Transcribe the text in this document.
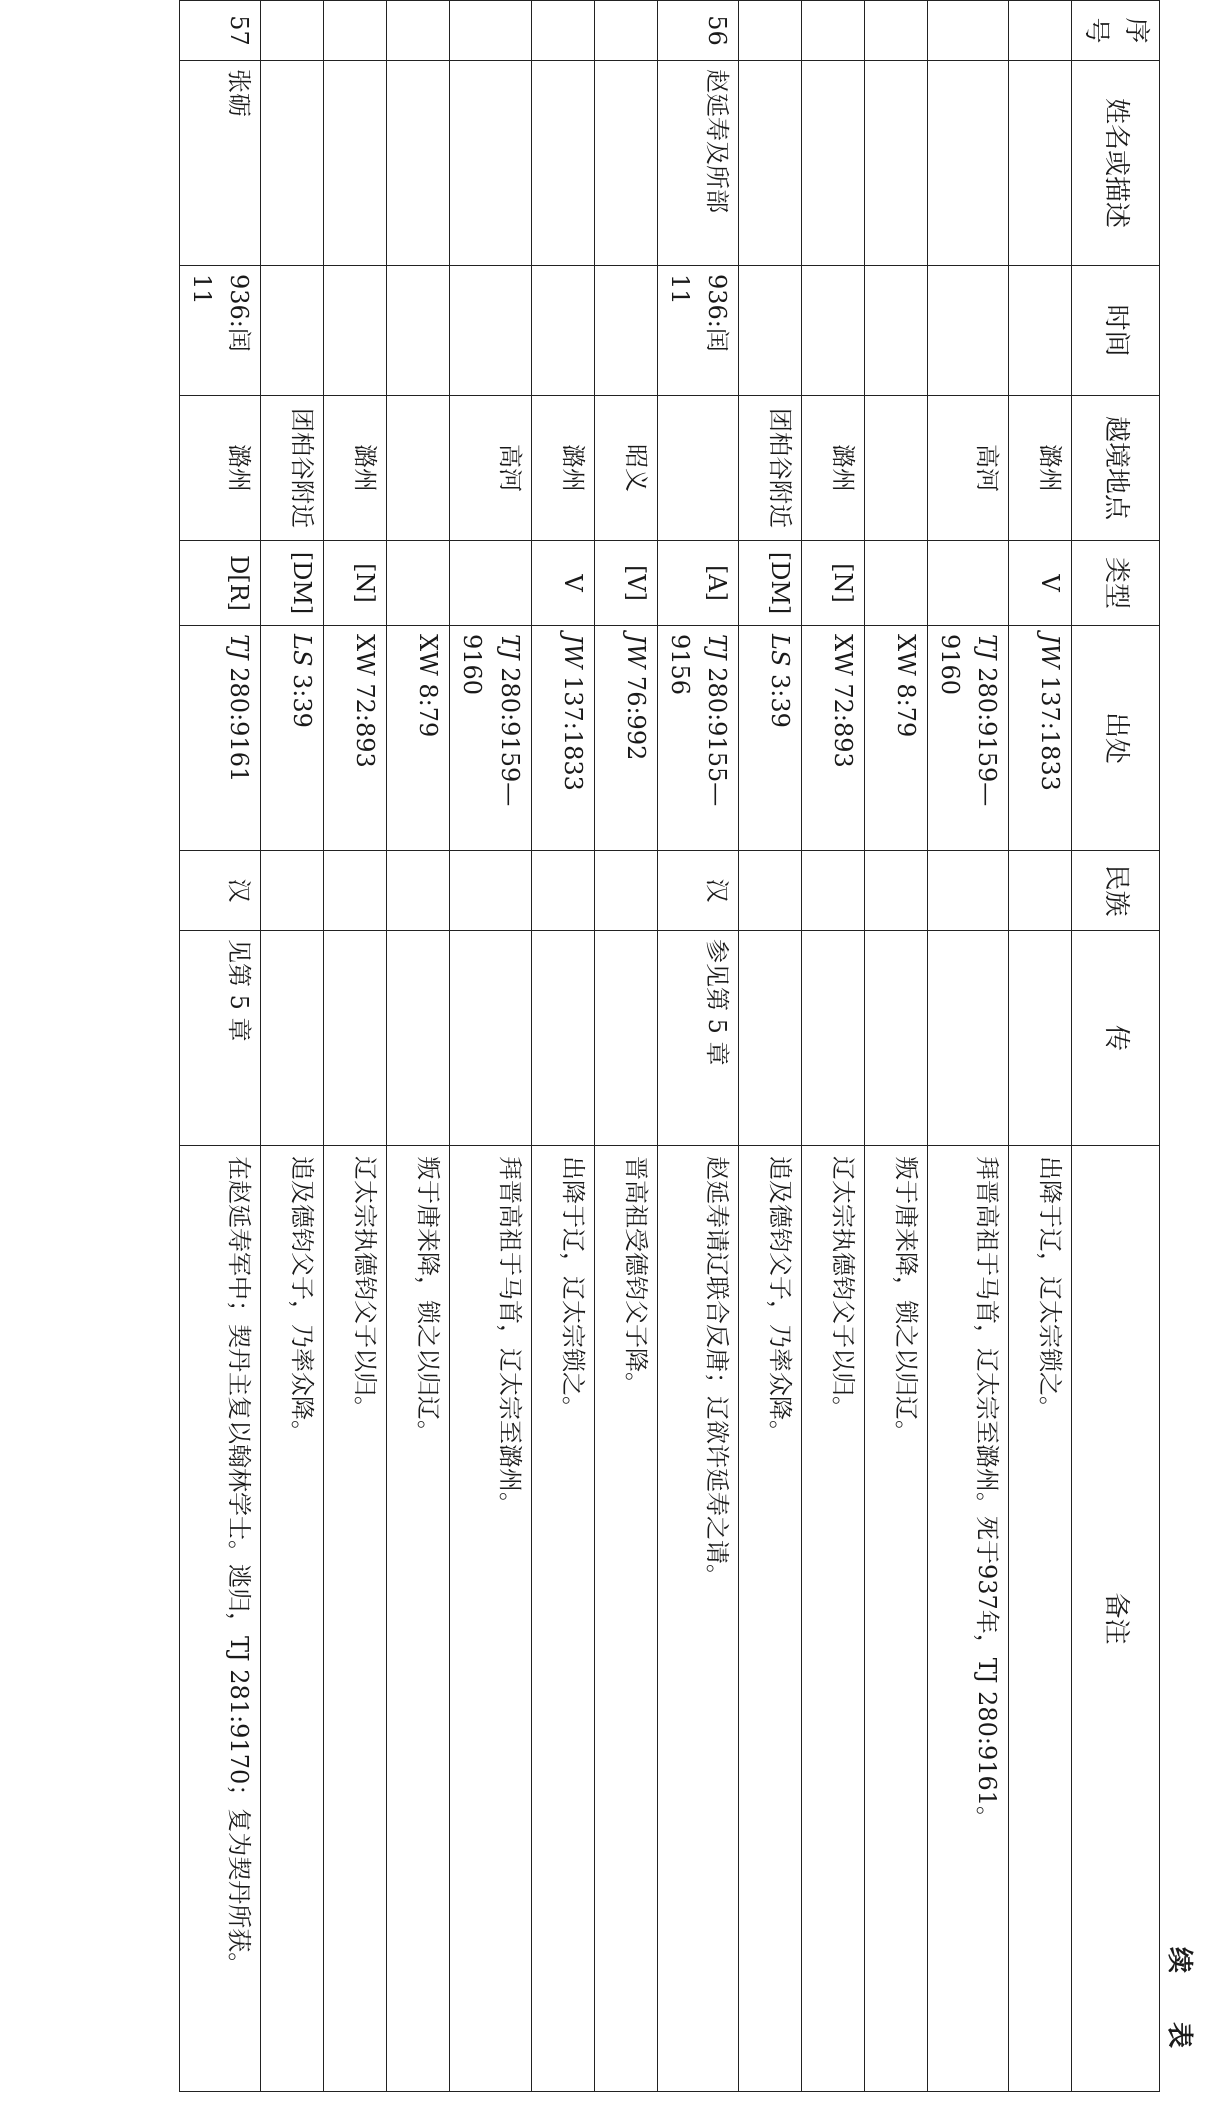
续 表
序号	姓名或描述	时间	越境地点	类型	出处	民族	传	备注
			潞州	V	JW 137:1833			出降于辽，辽太宗锁之。
			高河		TJ 280:9159—9160			拜晋高祖于马首，辽太宗至潞州。死于937年，TJ 280:9161。
					XW 8:79			叛于唐来降，锁之以归辽。
			潞州	[N]	XW 72:893			辽太宗执德钧父子以归。
			团柏谷附近	[DM]	LS 3:39			追及德钧父子，乃率众降。
56	赵延寿及所部	936:闰 11		[A]	TJ 280:9155—9156	汉	参见第 5 章	赵延寿请辽联合反唐；辽欲许延寿之请。
			昭义	[V]	JW 76:992			晋高祖受德钧父子降。
			潞州	V	JW 137:1833			出降于辽，辽太宗锁之。
			高河		TJ 280:9159—9160			拜晋高祖于马首，辽太宗至潞州。
					XW 8:79			叛于唐来降，锁之以归辽。
			潞州	[N]	XW 72:893			辽太宗执德钧父子以归。
			团柏谷附近	[DM]	LS 3:39			追及德钧父子，乃率众降。
57	张砺	936:闰 11	潞州	D[R]	TJ 280:9161	汉	见第 5 章	在赵延寿军中；契丹主复以翰林学士。逃归，TJ 281:9170；复为契丹所获。
